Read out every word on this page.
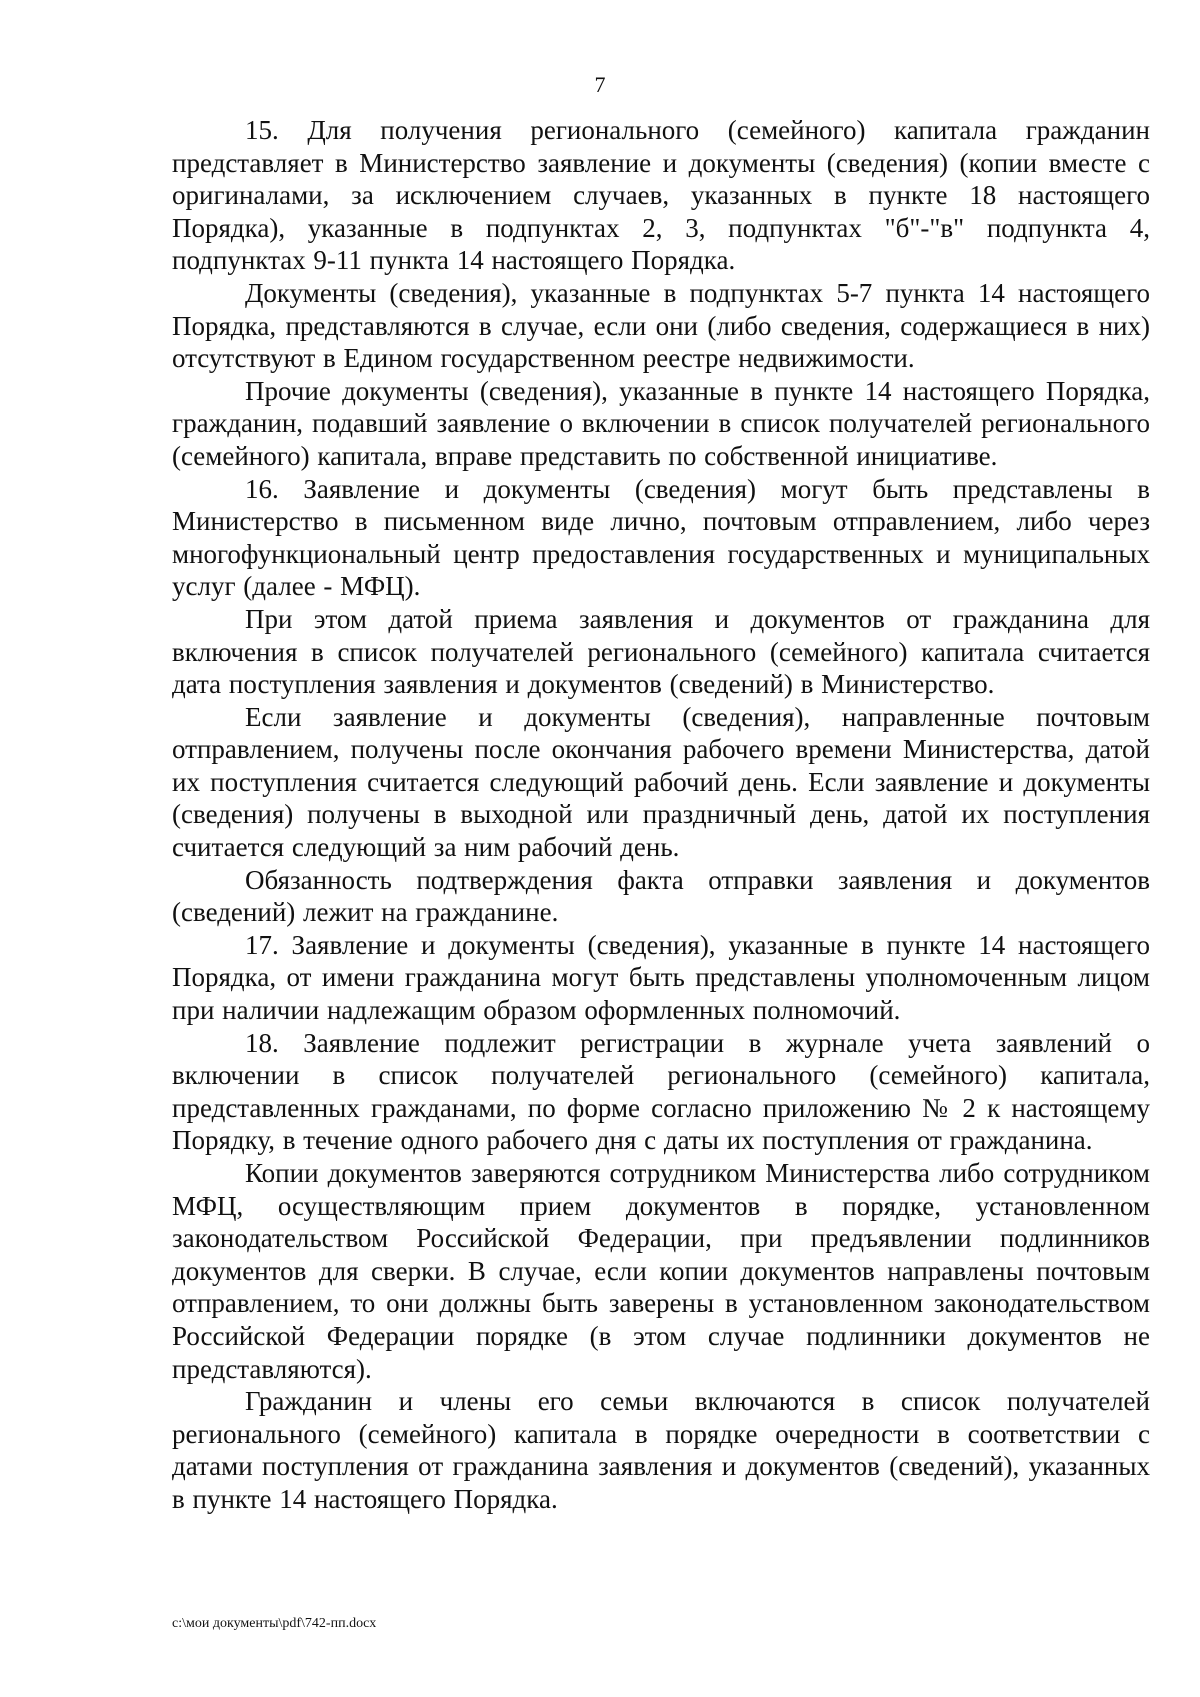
7

15. Для получения регионального (семейного) капитала гражданин представляет в Министерство заявление и документы (сведения) (копии вместе с оригиналами, за исключением случаев, указанных в пункте 18 настоящего Порядка), указанные в подпунктах 2, 3, подпунктах "б"-"в" подпункта 4, подпунктах 9-11 пункта 14 настоящего Порядка.

Документы (сведения), указанные в подпунктах 5-7 пункта 14 настоящего Порядка, представляются в случае, если они (либо сведения, содержащиеся в них) отсутствуют в Едином государственном реестре недвижимости.

Прочие документы (сведения), указанные в пункте 14 настоящего Порядка, гражданин, подавший заявление о включении в список получателей регионального (семейного) капитала, вправе представить по собственной инициативе.

16. Заявление и документы (сведения) могут быть представлены в Министерство в письменном виде лично, почтовым отправлением, либо через многофункциональный центр предоставления государственных и муниципальных услуг (далее - МФЦ).

При этом датой приема заявления и документов от гражданина для включения в список получателей регионального (семейного) капитала считается дата поступления заявления и документов (сведений) в Министерство.

Если заявление и документы (сведения), направленные почтовым отправлением, получены после окончания рабочего времени Министерства, датой их поступления считается следующий рабочий день. Если заявление и документы (сведения) получены в выходной или праздничный день, датой их поступления считается следующий за ним рабочий день.

Обязанность подтверждения факта отправки заявления и документов (сведений) лежит на гражданине.

17. Заявление и документы (сведения), указанные в пункте 14 настоящего Порядка, от имени гражданина могут быть представлены уполномоченным лицом при наличии надлежащим образом оформленных полномочий.

18. Заявление подлежит регистрации в журнале учета заявлений о включении в список получателей регионального (семейного) капитала, представленных гражданами, по форме согласно приложению № 2 к настоящему Порядку, в течение одного рабочего дня с даты их поступления от гражданина.

Копии документов заверяются сотрудником Министерства либо сотрудником МФЦ, осуществляющим прием документов в порядке, установленном законодательством Российской Федерации, при предъявлении подлинников документов для сверки. В случае, если копии документов направлены почтовым отправлением, то они должны быть заверены в установленном законодательством Российской Федерации порядке (в этом случае подлинники документов не представляются).

Гражданин и члены его семьи включаются в список получателей регионального (семейного) капитала в порядке очередности в соответствии с датами поступления от гражданина заявления и документов (сведений), указанных в пункте 14 настоящего Порядка.

c:\мои документы\pdf\742-пп.docx
